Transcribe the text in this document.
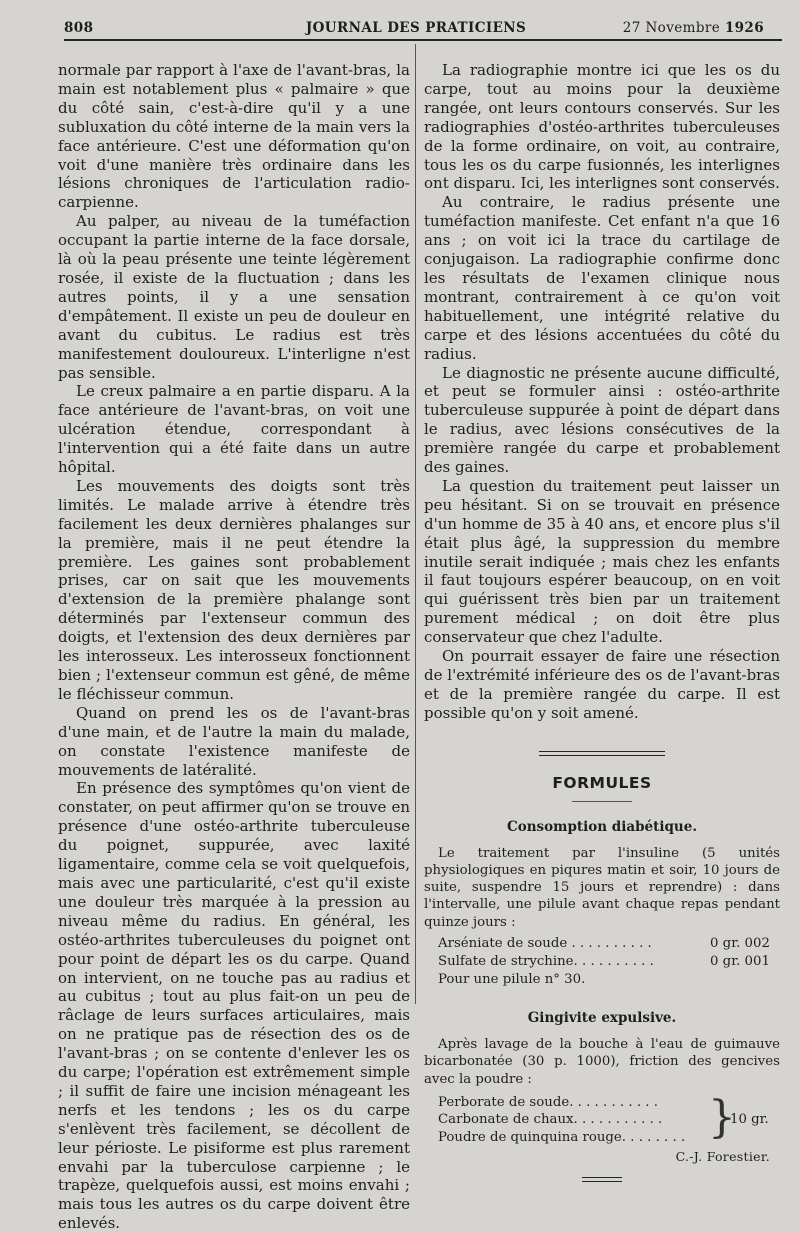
808	JOURNAL DES PRATICIENS	27 Novembre 1926

normale par rapport à l'axe de l'avant-bras, la main est notablement plus « palmaire » que du côté sain, c'est-à-dire qu'il y a une subluxation du côté interne de la main vers la face antérieure. C'est une déformation qu'on voit d'une manière très ordinaire dans les lésions chroniques de l'articulation radio-carpienne.

Au palper, au niveau de la tuméfaction occupant la partie interne de la face dorsale, là où la peau présente une teinte légèrement rosée, il existe de la fluctuation ; dans les autres points, il y a une sensation d'empâtement. Il existe un peu de douleur en avant du cubitus. Le radius est très manifestement douloureux. L'interligne n'est pas sensible.

Le creux palmaire a en partie disparu. A la face antérieure de l'avant-bras, on voit une ulcération étendue, correspondant à l'intervention qui a été faite dans un autre hôpital.

Les mouvements des doigts sont très limités. Le malade arrive à étendre très facilement les deux dernières phalanges sur la première, mais il ne peut étendre la première. Les gaines sont probablement prises, car on sait que les mouvements d'extension de la première phalange sont déterminés par l'extenseur commun des doigts, et l'extension des deux dernières par les interosseux. Les interosseux fonctionnent bien ; l'extenseur commun est gêné, de même le fléchisseur commun.

Quand on prend les os de l'avant-bras d'une main, et de l'autre la main du malade, on constate l'existence manifeste de mouvements de latéralité.

En présence des symptômes qu'on vient de constater, on peut affirmer qu'on se trouve en présence d'une ostéo-arthrite tuberculeuse du poignet, suppurée, avec laxité ligamentaire, comme cela se voit quelquefois, mais avec une particularité, c'est qu'il existe une douleur très marquée à la pression au niveau même du radius. En général, les ostéo-arthrites tuberculeuses du poignet ont pour point de départ les os du carpe. Quand on intervient, on ne touche pas au radius et au cubitus ; tout au plus fait-on un peu de râclage de leurs surfaces articulaires, mais on ne pratique pas de résection des os de l'avant-bras ; on se contente d'enlever les os du carpe; l'opération est extrêmement simple ; il suffit de faire une incision ménageant les nerfs et les tendons ; les os du carpe s'enlèvent très facilement, se décollent de leur périoste. Le pisiforme est plus rarement envahi par la tuberculose carpienne ; le trapèze, quelquefois aussi, est moins envahi ; mais tous les autres os du carpe doivent être enlevés.

La radiographie montre ici que les os du carpe, tout au moins pour la deuxième rangée, ont leurs contours conservés. Sur les radiographies d'ostéo-arthrites tuberculeuses de la forme ordinaire, on voit, au contraire, tous les os du carpe fusionnés, les interlignes ont disparu. Ici, les interlignes sont conservés.

Au contraire, le radius présente une tuméfaction manifeste. Cet enfant n'a que 16 ans ; on voit ici la trace du cartilage de conjugaison. La radiographie confirme donc les résultats de l'examen clinique nous montrant, contrairement à ce qu'on voit habituellement, une intégrité relative du carpe et des lésions accentuées du côté du radius.

Le diagnostic ne présente aucune difficulté, et peut se formuler ainsi : ostéo-arthrite tuberculeuse suppurée à point de départ dans le radius, avec lésions consécutives de la première rangée du carpe et probablement des gaines.

La question du traitement peut laisser un peu hésitant. Si on se trouvait en présence d'un homme de 35 à 40 ans, et encore plus s'il était plus âgé, la suppression du membre inutile serait indiquée ; mais chez les enfants il faut toujours espérer beaucoup, on en voit qui guérissent très bien par un traitement purement médical ; on doit être plus conservateur que chez l'adulte.

On pourrait essayer de faire une résection de l'extrémité inférieure des os de l'avant-bras et de la première rangée du carpe. Il est possible qu'on y soit amené.

FORMULES
Consomption diabétique.

Le traitement par l'insuline (5 unités physiologiques en piqures matin et soir, 10 jours de suite, suspendre 15 jours et reprendre) : dans l'intervalle, une pilule avant chaque repas pendant quinze jours :

Arséniate de soude . . . . . . . . . .	0 gr. 002
Sulfate de strychine. . . . . . . . . .	0 gr. 001
Pour une pilule n° 30.
Gingivite expulsive.

Après lavage de la bouche à l'eau de guimauve bicarbonatée (30 p. 1000), friction des gencives avec la poudre :

Perborate de soude. . . . . . . . . . .
Carbonate de chaux. . . . . . . . . . .
Poudre de quinquina rouge. . . . . . . . }
10 gr.
C.-J. Forestier.
